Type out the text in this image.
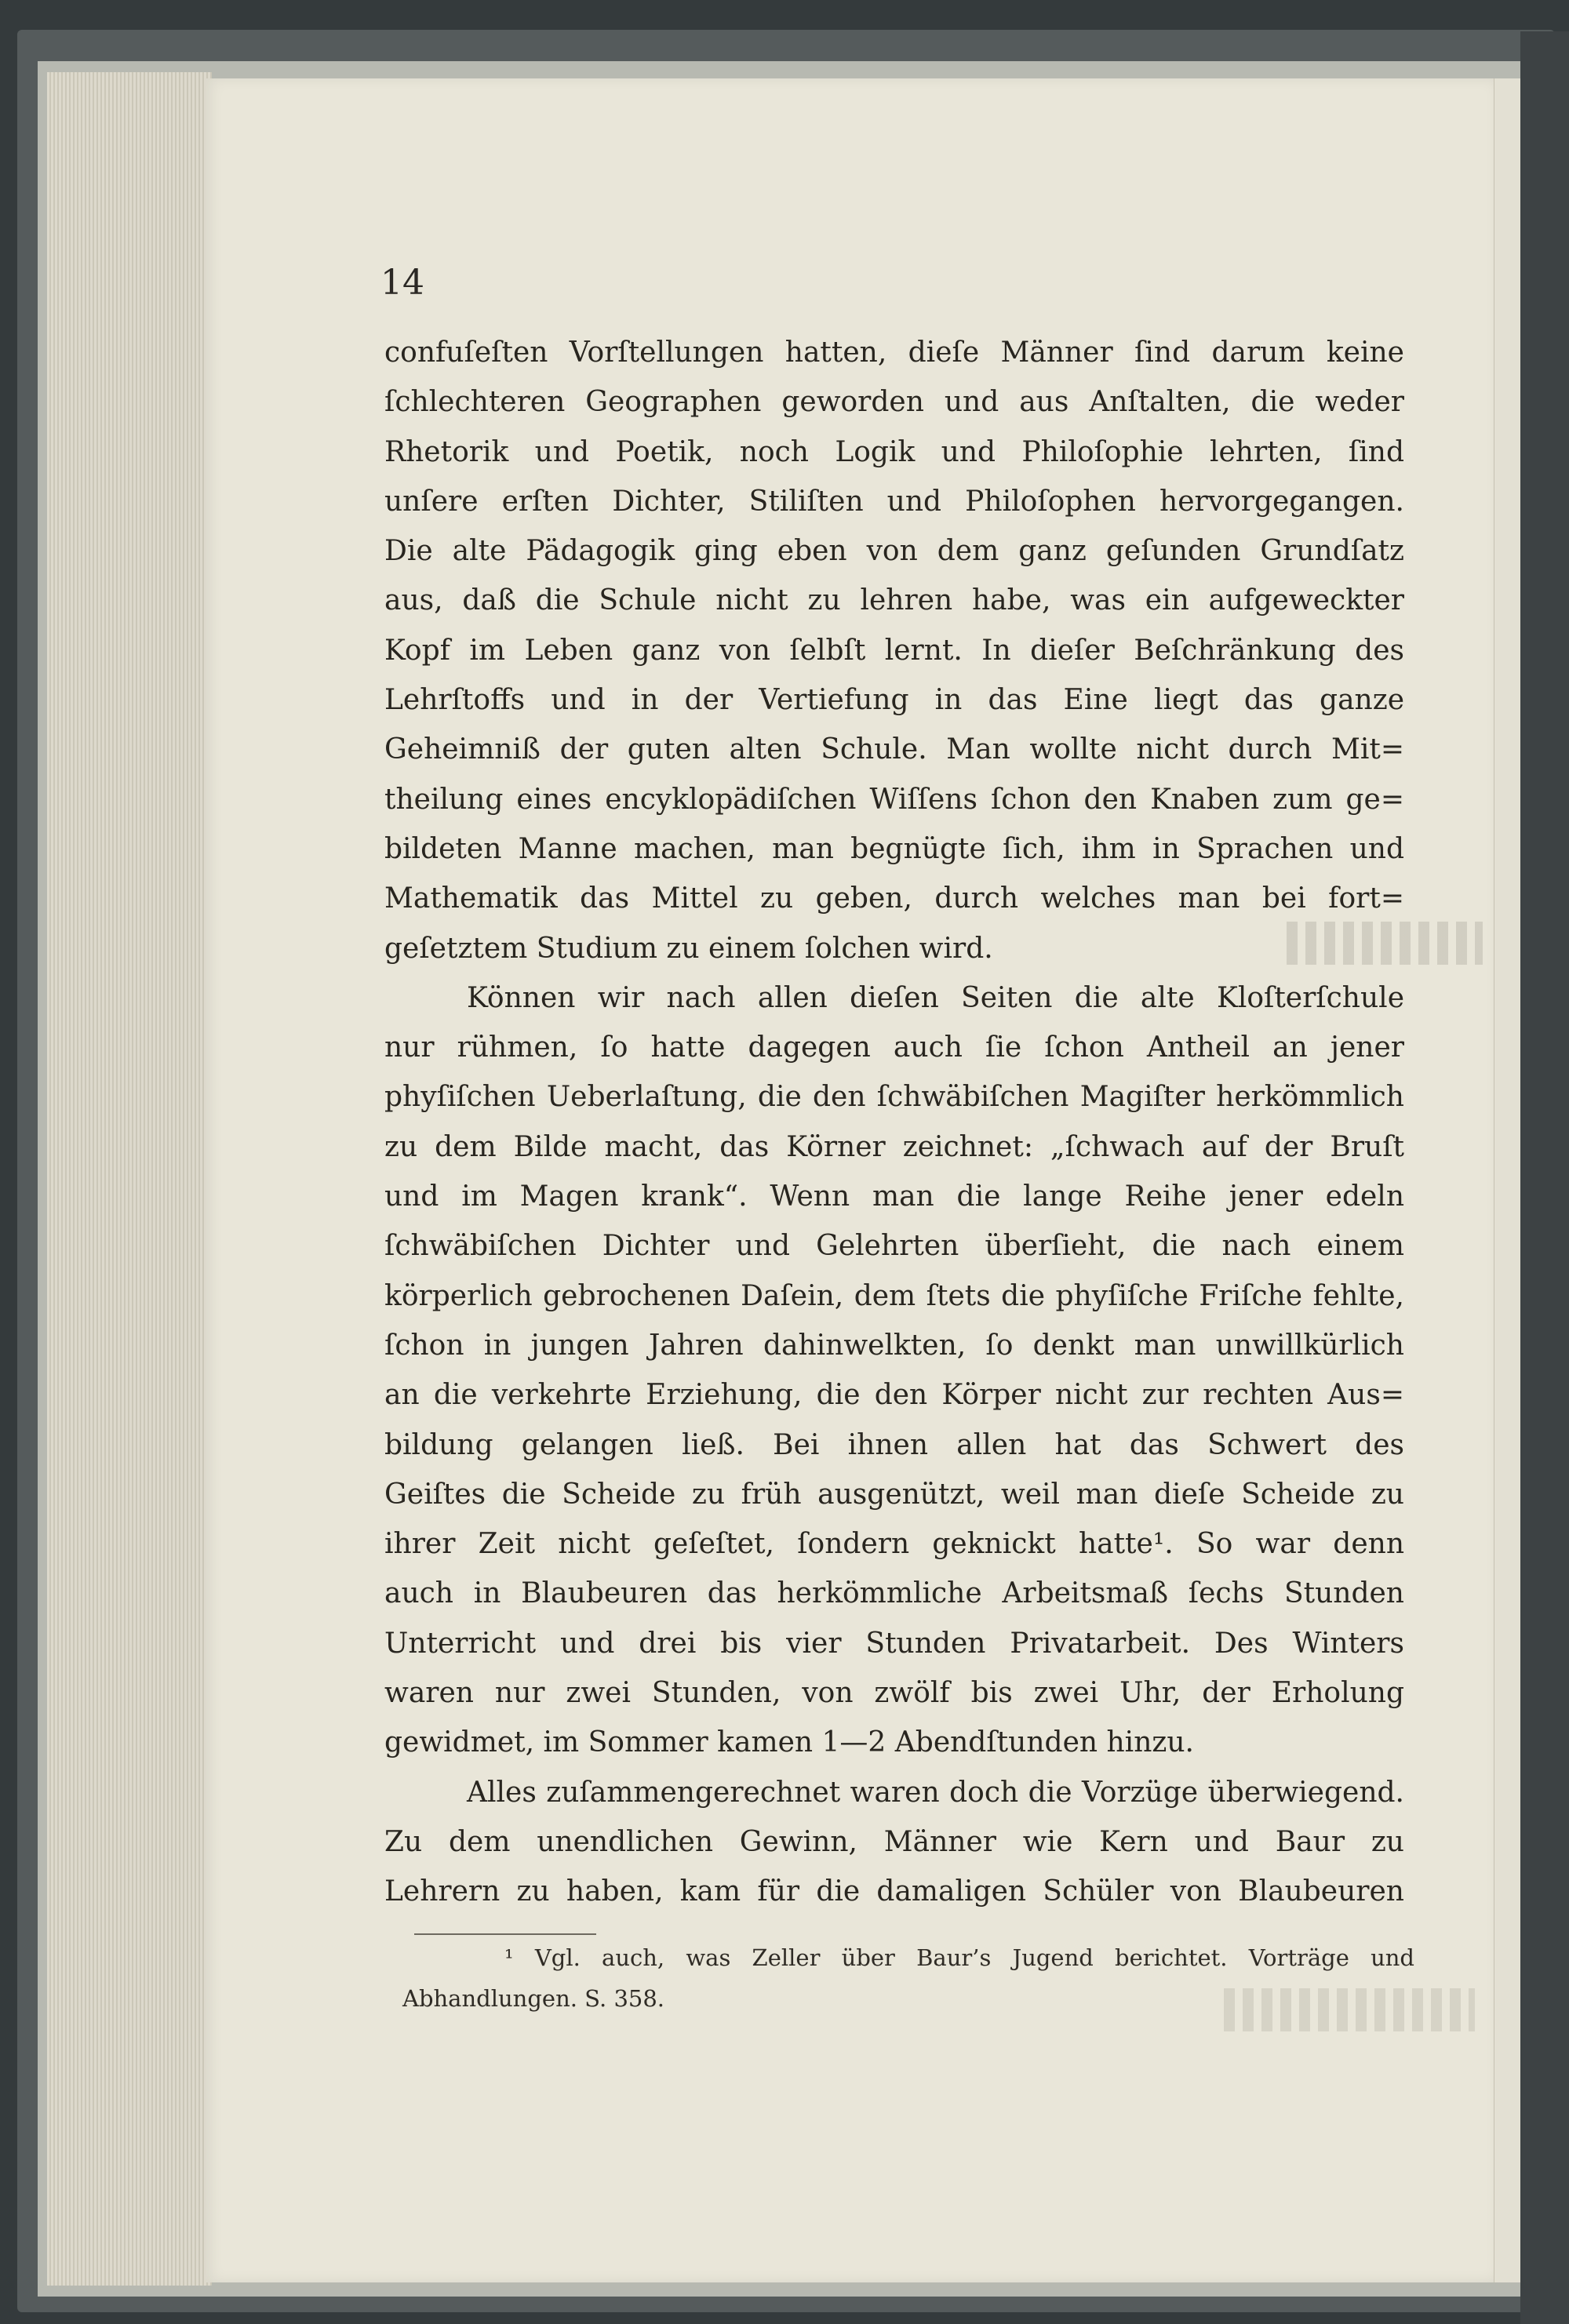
14
confuſeſten Vorſtellungen hatten, dieſe Männer ſind darum keine
ſchlechteren Geographen geworden und aus Anſtalten, die weder
Rhetorik und Poetik, noch Logik und Philoſophie lehrten, ſind
unſere erſten Dichter, Stiliſten und Philoſophen hervorgegangen.
Die alte Pädagogik ging eben von dem ganz geſunden Grundſatz
aus, daß die Schule nicht zu lehren habe, was ein aufgeweckter
Kopf im Leben ganz von ſelbſt lernt. In dieſer Beſchränkung des
Lehrſtoffs und in der Vertiefung in das Eine liegt das ganze
Geheimniß der guten alten Schule. Man wollte nicht durch Mit=
theilung eines encyklopädiſchen Wiſſens ſchon den Knaben zum ge=
bildeten Manne machen, man begnügte ſich, ihm in Sprachen und
Mathematik das Mittel zu geben, durch welches man bei fort=
geſetztem Studium zu einem ſolchen wird.
Können wir nach allen dieſen Seiten die alte Kloſterſchule
nur rühmen, ſo hatte dagegen auch ſie ſchon Antheil an jener
phyſiſchen Ueberlaſtung, die den ſchwäbiſchen Magiſter herkömmlich
zu dem Bilde macht, das Körner zeichnet: „ſchwach auf der Bruſt
und im Magen krank“. Wenn man die lange Reihe jener edeln
ſchwäbiſchen Dichter und Gelehrten überſieht, die nach einem
körperlich gebrochenen Daſein, dem ſtets die phyſiſche Friſche fehlte,
ſchon in jungen Jahren dahinwelkten, ſo denkt man unwillkürlich
an die verkehrte Erziehung, die den Körper nicht zur rechten Aus=
bildung gelangen ließ. Bei ihnen allen hat das Schwert des
Geiſtes die Scheide zu früh ausgenützt, weil man dieſe Scheide zu
ihrer Zeit nicht geſeſtet, ſondern geknickt hatte¹. So war denn
auch in Blaubeuren das herkömmliche Arbeitsmaß ſechs Stunden
Unterricht und drei bis vier Stunden Privatarbeit. Des Winters
waren nur zwei Stunden, von zwölf bis zwei Uhr, der Erholung
gewidmet, im Sommer kamen 1—2 Abendſtunden hinzu.
Alles zuſammengerechnet waren doch die Vorzüge überwiegend.
Zu dem unendlichen Gewinn, Männer wie Kern und Baur zu
Lehrern zu haben, kam für die damaligen Schüler von Blaubeuren
¹ Vgl. auch, was Zeller über Baur’s Jugend berichtet. Vorträge und
Abhandlungen. S. 358.
